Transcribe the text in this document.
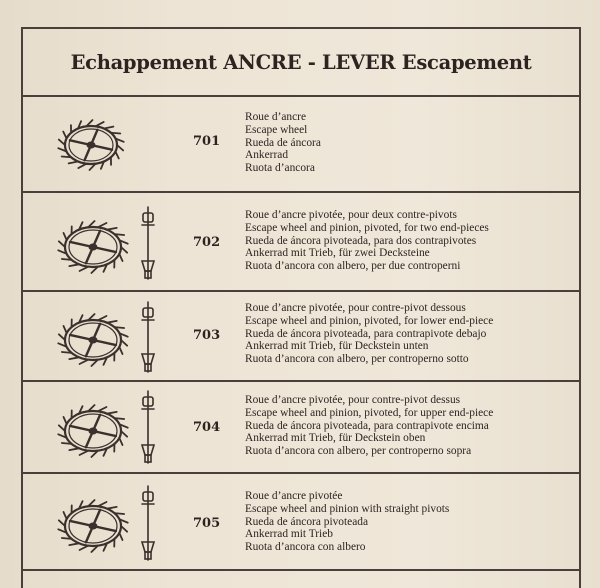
Echappement ANCRE - LEVER Escapement
701
Roue d’ancre
Escape wheel
Rueda de áncora
Ankerrad
Ruota d’ancora
702
Roue d’ancre pivotée, pour deux contre-pivots
Escape wheel and pinion, pivoted, for two end-pieces
Rueda de áncora pivoteada, para dos contrapivotes
Ankerrad mit Trieb, für zwei Decksteine
Ruota d’ancora con albero, per due controperni
703
Roue d’ancre pivotée, pour contre-pivot dessous
Escape wheel and pinion, pivoted, for lower end-piece
Rueda de áncora pivoteada, para contrapivote debajo
Ankerrad mit Trieb, für Deckstein unten
Ruota d’ancora con albero, per controperno sotto
704
Roue d’ancre pivotée, pour contre-pivot dessus
Escape wheel and pinion, pivoted, for upper end-piece
Rueda de áncora pivoteada, para contrapivote encima
Ankerrad mit Trieb, für Deckstein oben
Ruota d’ancora con albero, per controperno sopra
705
Roue d’ancre pivotée
Escape wheel and pinion with straight pivots
Rueda de áncora pivoteada
Ankerrad mit Trieb
Ruota d’ancora con albero
